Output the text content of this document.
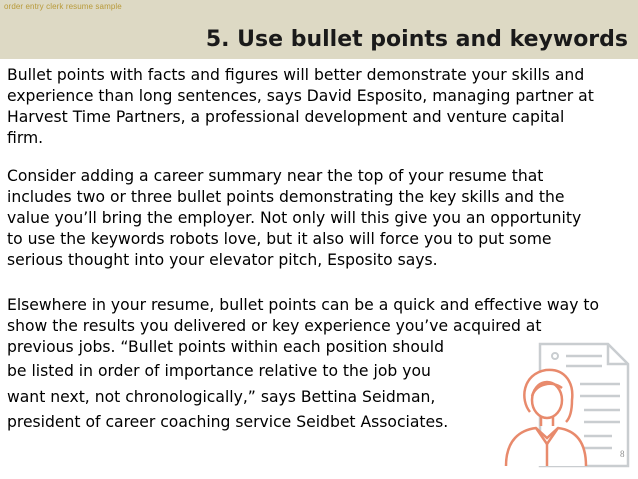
order entry clerk resume sample
5. Use bullet points and keywords
Bullet points with facts and figures will better demonstrate your skills and
experience than long sentences, says David Esposito, managing partner at
Harvest Time Partners, a professional development and venture capital
firm.
Consider adding a career summary near the top of your resume that
includes two or three bullet points demonstrating the key skills and the
value you’ll bring the employer. Not only will this give you an opportunity
to use the keywords robots love, but it also will force you to put some
serious thought into your elevator pitch, Esposito says.
Elsewhere in your resume, bullet points can be a quick and effective way to
show the results you delivered or key experience you’ve acquired at
previous jobs. “Bullet points within each position should
be listed in order of importance relative to the job you
want next, not chronologically,” says Bettina Seidman,
president of career coaching service Seidbet Associates.
8
